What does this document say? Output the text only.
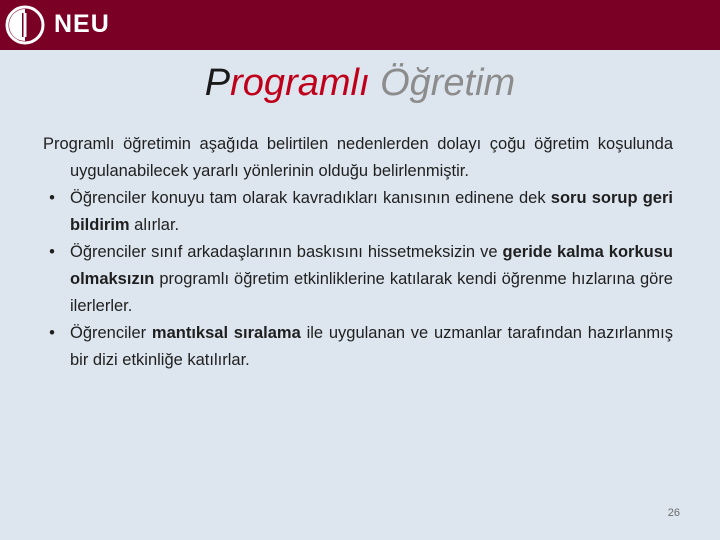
NEU
Programlı Öğretim

Programlı öğretimin aşağıda belirtilen nedenlerden dolayı çoğu öğretim koşulunda uygulanabilecek yararlı yönlerinin olduğu belirlenmiştir.

• Öğrenciler konuyu tam olarak kavradıkları kanısının edinene dek soru sorup geri bildirim alırlar.
• Öğrenciler sınıf arkadaşlarının baskısını hissetmeksizin ve geride kalma korkusu olmaksızın programlı öğretim etkinliklerine katılarak kendi öğrenme hızlarına göre ilerlerler.
• Öğrenciler mantıksal sıralama ile uygulanan ve uzmanlar tarafından hazırlanmış bir dizi etkinliğe katılırlar.
26
